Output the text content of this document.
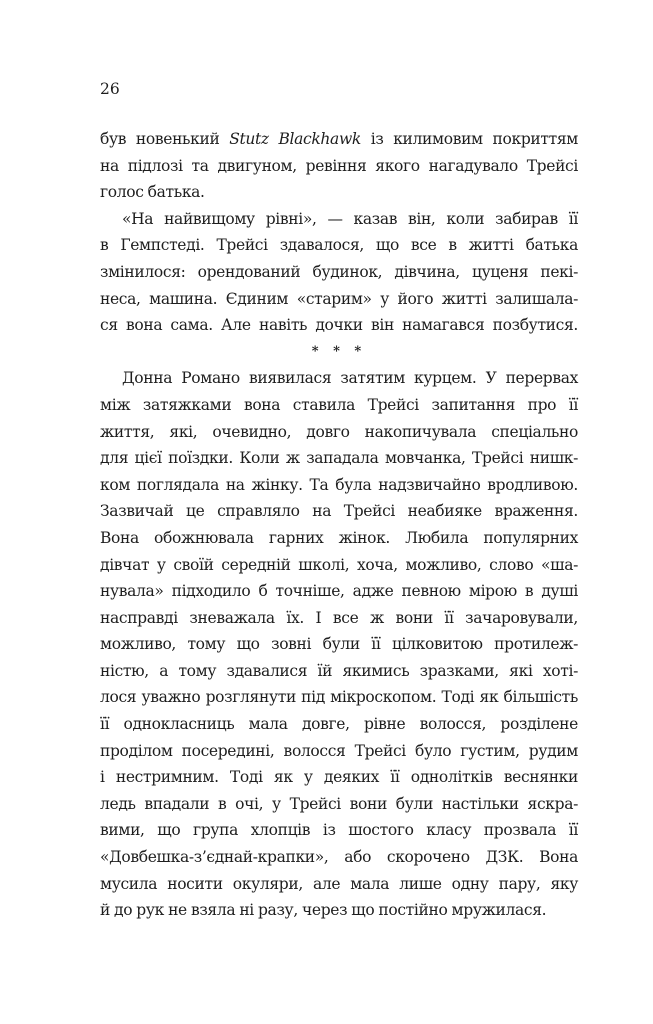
26
був новенький Stutz Blackhawk із килимовим покриттям
на підлозі та двигуном, ревіння якого нагадувало Трейсі
голос батька.
«На найвищому рівні», — казав він, коли забирав її
в Гемпстеді. Трейсі здавалося, що все в житті батька
змінилося: орендований будинок, дівчина, цуценя пекі-
неса, машина. Єдиним «старим» у його житті залишала-
ся вона сама. Але навіть дочки він намагався позбутися.
* * *
Донна Романо виявилася затятим курцем. У перервах
між затяжками вона ставила Трейсі запитання про її
життя, які, очевидно, довго накопичувала спеціально
для цієї поїздки. Коли ж западала мовчанка, Трейсі нишк-
ком поглядала на жінку. Та була надзвичайно вродливою.
Зазвичай це справляло на Трейсі неабияке враження.
Вона обожнювала гарних жінок. Любила популярних
дівчат у своїй середній школі, хоча, можливо, слово «ша-
нувала» підходило б точніше, адже певною мірою в душі
насправді зневажала їх. І все ж вони її зачаровували,
можливо, тому що зовні були її цілковитою протилеж-
ністю, а тому здавалися їй якимись зразками, які хоті-
лося уважно розглянути під мікроскопом. Тоді як більшість
її однокласниць мала довге, рівне волосся, розділене
проділом посередині, волосся Трейсі було густим, рудим
і нестримним. Тоді як у деяких її однолітків веснянки
ледь впадали в очі, у Трейсі вони були настільки яскра-
вими, що група хлопців із шостого класу прозвала її
«Довбешка-з’єднай-крапки», або скорочено ДЗК. Вона
мусила носити окуляри, але мала лише одну пару, яку
й до рук не взяла ні разу, через що постійно мружилася.
